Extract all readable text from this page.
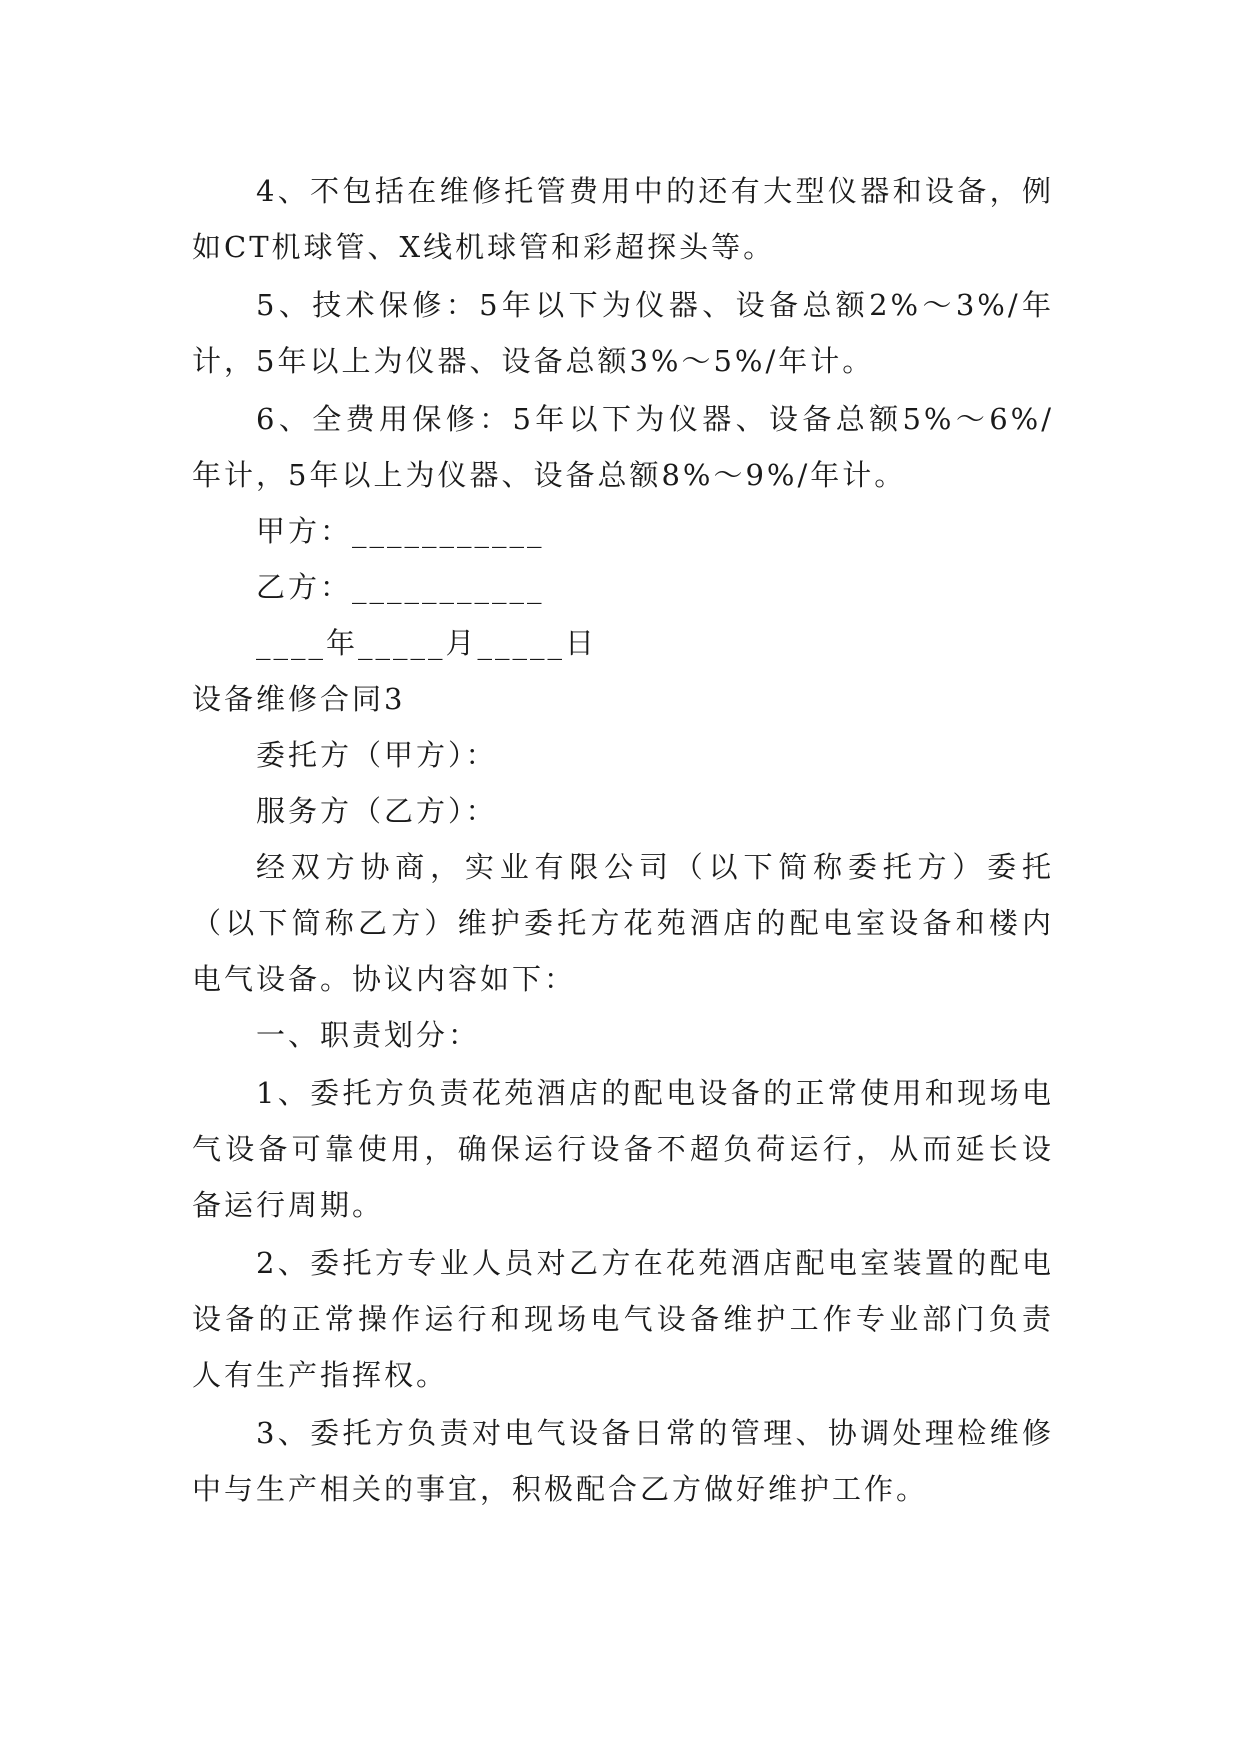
4、不包括在维修托管费用中的还有大型仪器和设备，例如CT机球管、X线机球管和彩超探头等。

5、技术保修：5年以下为仪器、设备总额2%～3%/年计，5年以上为仪器、设备总额3%～5%/年计。

6、全费用保修：5年以下为仪器、设备总额5%～6%/年计，5年以上为仪器、设备总额8%～9%/年计。

甲方：___________

乙方：___________

____年_____月_____日

设备维修合同3

委托方（甲方）：

服务方（乙方）：

经双方协商，实业有限公司（以下简称委托方）委托（以下简称乙方）维护委托方花苑酒店的配电室设备和楼内电气设备。协议内容如下：

一、职责划分：

1、委托方负责花苑酒店的配电设备的正常使用和现场电气设备可靠使用，确保运行设备不超负荷运行，从而延长设备运行周期。

2、委托方专业人员对乙方在花苑酒店配电室装置的配电设备的正常操作运行和现场电气设备维护工作专业部门负责人有生产指挥权。

3、委托方负责对电气设备日常的管理、协调处理检维修中与生产相关的事宜，积极配合乙方做好维护工作。
